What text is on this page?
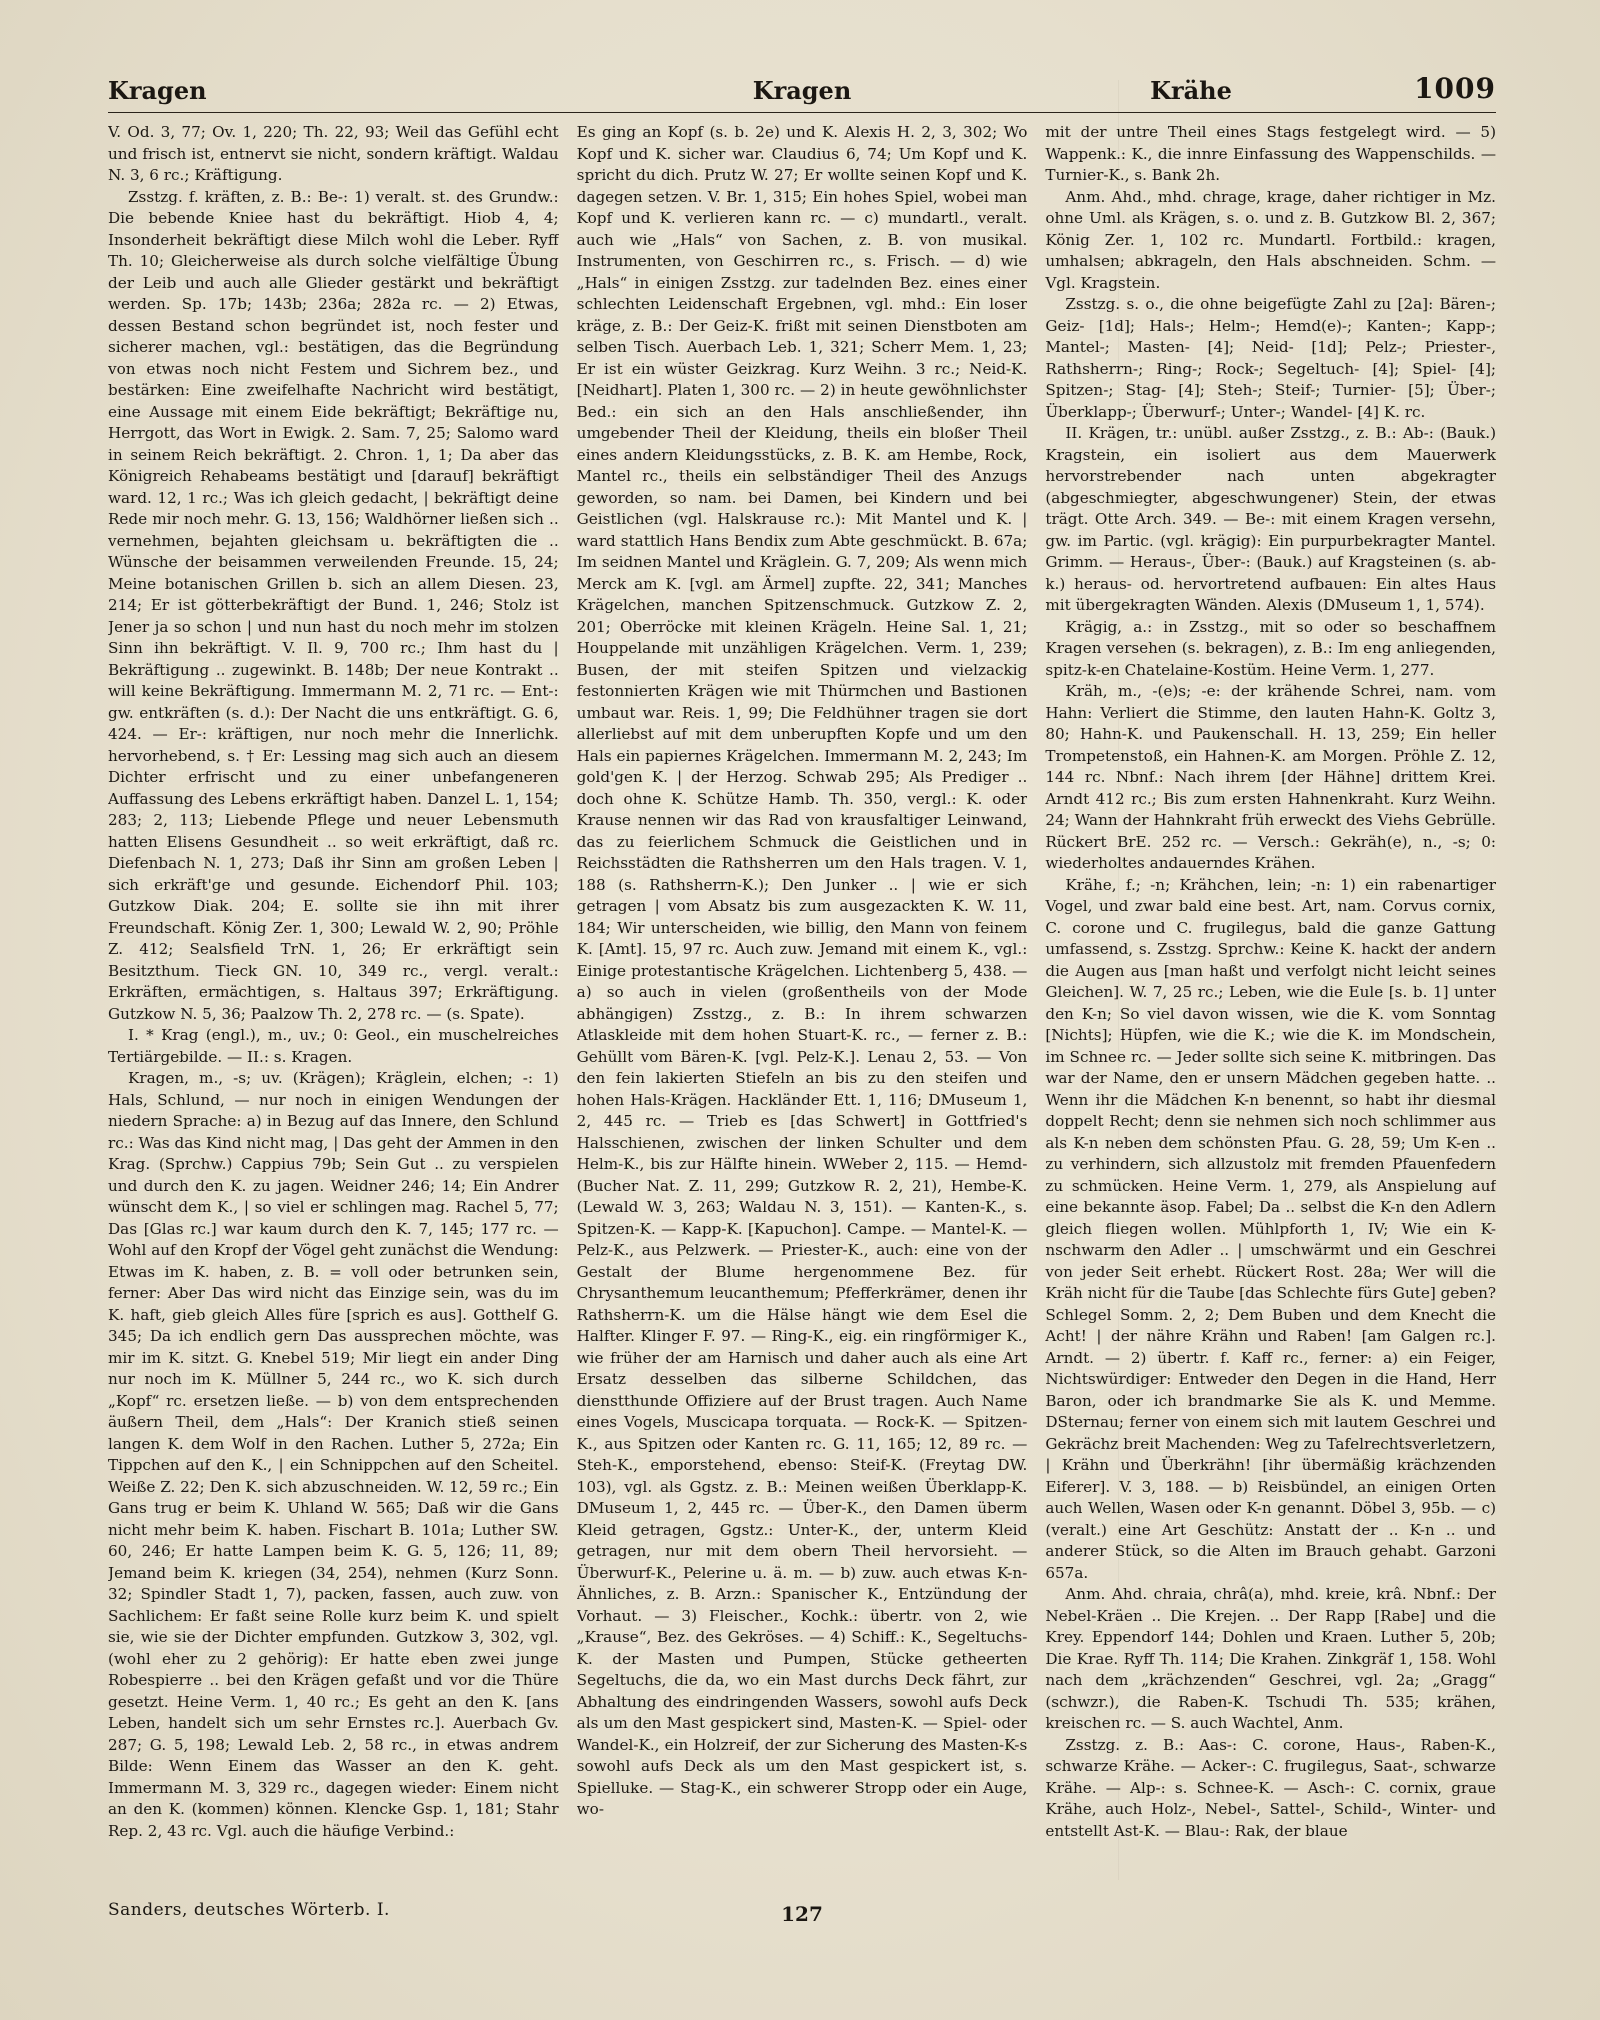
Kragen	Kragen	Krähe	1009

V. Od. 3, 77; Ov. 1, 220; Th. 22, 93; Weil das Gefühl echt und frisch ist, entnervt sie nicht, sondern kräftigt. Waldau N. 3, 6 rc.; Kräftigung.

Zsstzg. f. kräften, z. B.: Be-: 1) veralt. st. des Grundw.: Die bebende Kniee hast du bekräftigt. Hiob 4, 4; Insonderheit bekräftigt diese Milch wohl die Leber. Ryff Th. 10; Gleicherweise als durch solche vielfältige Übung der Leib und auch alle Glieder gestärkt und bekräftigt werden. Sp. 17b; 143b; 236a; 282a rc. — 2) Etwas, dessen Bestand schon begründet ist, noch fester und sicherer machen, vgl.: bestätigen, das die Begründung von etwas noch nicht Festem und Sichrem bez., und bestärken: Eine zweifelhafte Nachricht wird bestätigt, eine Aussage mit einem Eide bekräftigt; Bekräftige nu, Herrgott, das Wort in Ewigk. 2. Sam. 7, 25; Salomo ward in seinem Reich bekräftigt. 2. Chron. 1, 1; Da aber das Königreich Rehabeams bestätigt und [darauf] bekräftigt ward. 12, 1 rc.; Was ich gleich gedacht, | bekräftigt deine Rede mir noch mehr. G. 13, 156; Waldhörner ließen sich .. vernehmen, bejahten gleichsam u. bekräftigten die .. Wünsche der beisammen verweilenden Freunde. 15, 24; Meine botanischen Grillen b. sich an allem Diesen. 23, 214; Er ist götterbekräftigt der Bund. 1, 246; Stolz ist Jener ja so schon | und nun hast du noch mehr im stolzen Sinn ihn bekräftigt. V. Il. 9, 700 rc.; Ihm hast du | Bekräftigung .. zugewinkt. B. 148b; Der neue Kontrakt .. will keine Bekräftigung. Immermann M. 2, 71 rc. — Ent-: gw. entkräften (s. d.): Der Nacht die uns entkräftigt. G. 6, 424. — Er-: kräftigen, nur noch mehr die Innerlichk. hervorhebend, s. † Er: Lessing mag sich auch an diesem Dichter erfrischt und zu einer unbefangeneren Auffassung des Lebens erkräftigt haben. Danzel L. 1, 154; 283; 2, 113; Liebende Pflege und neuer Lebensmuth hatten Elisens Gesundheit .. so weit erkräftigt, daß rc. Diefenbach N. 1, 273; Daß ihr Sinn am großen Leben | sich erkräft'ge und gesunde. Eichendorf Phil. 103; Gutzkow Diak. 204; E. sollte sie ihn mit ihrer Freundschaft. König Zer. 1, 300; Lewald W. 2, 90; Pröhle Z. 412; Sealsfield TrN. 1, 26; Er erkräftigt sein Besitzthum. Tieck GN. 10, 349 rc., vergl. veralt.: Erkräften, ermächtigen, s. Haltaus 397; Erkräftigung. Gutzkow N. 5, 36; Paalzow Th. 2, 278 rc. — (s. Spate).

I. * Krag (engl.), m., uv.; 0: Geol., ein muschelreiches Tertiärgebilde. — II.: s. Kragen.

Kragen, m., -s; uv. (Krägen); Kräglein, elchen; -: 1) Hals, Schlund, — nur noch in einigen Wendungen der niedern Sprache: a) in Bezug auf das Innere, den Schlund rc.: Was das Kind nicht mag, | Das geht der Ammen in den Krag. (Sprchw.) Cappius 79b; Sein Gut .. zu verspielen und durch den K. zu jagen. Weidner 246; 14; Ein Andrer wünscht dem K., | so viel er schlingen mag. Rachel 5, 77; Das [Glas rc.] war kaum durch den K. 7, 145; 177 rc. — Wohl auf den Kropf der Vögel geht zunächst die Wendung: Etwas im K. haben, z. B. = voll oder betrunken sein, ferner: Aber Das wird nicht das Einzige sein, was du im K. haft, gieb gleich Alles füre [sprich es aus]. Gotthelf G. 345; Da ich endlich gern Das aussprechen möchte, was mir im K. sitzt. G. Knebel 519; Mir liegt ein ander Ding nur noch im K. Müllner 5, 244 rc., wo K. sich durch „Kopf“ rc. ersetzen ließe. — b) von dem entsprechenden äußern Theil, dem „Hals“: Der Kranich stieß seinen langen K. dem Wolf in den Rachen. Luther 5, 272a; Ein Tippchen auf den K., | ein Schnippchen auf den Scheitel. Weiße Z. 22; Den K. sich abzuschneiden. W. 12, 59 rc.; Ein Gans trug er beim K. Uhland W. 565; Daß wir die Gans nicht mehr beim K. haben. Fischart B. 101a; Luther SW. 60, 246; Er hatte Lampen beim K. G. 5, 126; 11, 89; Jemand beim K. kriegen (34, 254), nehmen (Kurz Sonn. 32; Spindler Stadt 1, 7), packen, fassen, auch zuw. von Sachlichem: Er faßt seine Rolle kurz beim K. und spielt sie, wie sie der Dichter empfunden. Gutzkow 3, 302, vgl. (wohl eher zu 2 gehörig): Er hatte eben zwei junge Robespierre .. bei den Krägen gefaßt und vor die Thüre gesetzt. Heine Verm. 1, 40 rc.; Es geht an den K. [ans Leben, handelt sich um sehr Ernstes rc.]. Auerbach Gv. 287; G. 5, 198; Lewald Leb. 2, 58 rc., in etwas andrem Bilde: Wenn Einem das Wasser an den K. geht. Immermann M. 3, 329 rc., dagegen wieder: Einem nicht an den K. (kommen) können. Klencke Gsp. 1, 181; Stahr Rep. 2, 43 rc. Vgl. auch die häufige Verbind.:

Es ging an Kopf (s. b. 2e) und K. Alexis H. 2, 3, 302; Wo Kopf und K. sicher war. Claudius 6, 74; Um Kopf und K. spricht du dich. Prutz W. 27; Er wollte seinen Kopf und K. dagegen setzen. V. Br. 1, 315; Ein hohes Spiel, wobei man Kopf und K. verlieren kann rc. — c) mundartl., veralt. auch wie „Hals“ von Sachen, z. B. von musikal. Instrumenten, von Geschirren rc., s. Frisch. — d) wie „Hals“ in einigen Zsstzg. zur tadelnden Bez. eines einer schlechten Leidenschaft Ergebnen, vgl. mhd.: Ein loser kräge, z. B.: Der Geiz-K. frißt mit seinen Dienstboten am selben Tisch. Auerbach Leb. 1, 321; Scherr Mem. 1, 23; Er ist ein wüster Geizkrag. Kurz Weihn. 3 rc.; Neid-K. [Neidhart]. Platen 1, 300 rc. — 2) in heute gewöhnlichster Bed.: ein sich an den Hals anschließender, ihn umgebender Theil der Kleidung, theils ein bloßer Theil eines andern Kleidungsstücks, z. B. K. am Hembe, Rock, Mantel rc., theils ein selbständiger Theil des Anzugs geworden, so nam. bei Damen, bei Kindern und bei Geistlichen (vgl. Halskrause rc.): Mit Mantel und K. | ward stattlich Hans Bendix zum Abte geschmückt. B. 67a; Im seidnen Mantel und Kräglein. G. 7, 209; Als wenn mich Merck am K. [vgl. am Ärmel] zupfte. 22, 341; Manches Krägelchen, manchen Spitzenschmuck. Gutzkow Z. 2, 201; Oberröcke mit kleinen Krägeln. Heine Sal. 1, 21; Houppelande mit unzähligen Krägelchen. Verm. 1, 239; Busen, der mit steifen Spitzen und vielzackig festonnierten Krägen wie mit Thürmchen und Bastionen umbaut war. Reis. 1, 99; Die Feldhühner tragen sie dort allerliebst auf mit dem unberupften Kopfe und um den Hals ein papiernes Krägelchen. Immermann M. 2, 243; Im gold'gen K. | der Herzog. Schwab 295; Als Prediger .. doch ohne K. Schütze Hamb. Th. 350, vergl.: K. oder Krause nennen wir das Rad von krausfaltiger Leinwand, das zu feierlichem Schmuck die Geistlichen und in Reichsstädten die Rathsherren um den Hals tragen. V. 1, 188 (s. Rathsherrn-K.); Den Junker .. | wie er sich getragen | vom Absatz bis zum ausgezackten K. W. 11, 184; Wir unterscheiden, wie billig, den Mann von feinem K. [Amt]. 15, 97 rc. Auch zuw. Jemand mit einem K., vgl.: Einige protestantische Krägelchen. Lichtenberg 5, 438. — a) so auch in vielen (großentheils von der Mode abhängigen) Zsstzg., z. B.: In ihrem schwarzen Atlaskleide mit dem hohen Stuart-K. rc., — ferner z. B.: Gehüllt vom Bären-K. [vgl. Pelz-K.]. Lenau 2, 53. — Von den fein lakierten Stiefeln an bis zu den steifen und hohen Hals-Krägen. Hackländer Ett. 1, 116; DMuseum 1, 2, 445 rc. — Trieb es [das Schwert] in Gottfried's Halsschienen, zwischen der linken Schulter und dem Helm-K., bis zur Hälfte hinein. WWeber 2, 115. — Hemd- (Bucher Nat. Z. 11, 299; Gutzkow R. 2, 21), Hembe-K. (Lewald W. 3, 263; Waldau N. 3, 151). — Kanten-K., s. Spitzen-K. — Kapp-K. [Kapuchon]. Campe. — Mantel-K. — Pelz-K., aus Pelzwerk. — Priester-K., auch: eine von der Gestalt der Blume hergenommene Bez. für Chrysanthemum leucanthemum; Pfefferkrämer, denen ihr Rathsherrn-K. um die Hälse hängt wie dem Esel die Halfter. Klinger F. 97. — Ring-K., eig. ein ringförmiger K., wie früher der am Harnisch und daher auch als eine Art Ersatz desselben das silberne Schildchen, das dienstthunde Offiziere auf der Brust tragen. Auch Name eines Vogels, Muscicapa torquata. — Rock-K. — Spitzen-K., aus Spitzen oder Kanten rc. G. 11, 165; 12, 89 rc. — Steh-K., emporstehend, ebenso: Steif-K. (Freytag DW. 103), vgl. als Ggstz. z. B.: Meinen weißen Überklapp-K. DMuseum 1, 2, 445 rc. — Über-K., den Damen überm Kleid getragen, Ggstz.: Unter-K., der, unterm Kleid getragen, nur mit dem obern Theil hervorsieht. — Überwurf-K., Pelerine u. ä. m. — b) zuw. auch etwas K-n-Ähnliches, z. B. Arzn.: Spanischer K., Entzündung der Vorhaut. — 3) Fleischer., Kochk.: übertr. von 2, wie „Krause“, Bez. des Gekröses. — 4) Schiff.: K., Segeltuchs-K. der Masten und Pumpen, Stücke getheerten Segeltuchs, die da, wo ein Mast durchs Deck fährt, zur Abhaltung des eindringenden Wassers, sowohl aufs Deck als um den Mast gespickert sind, Masten-K. — Spiel- oder Wandel-K., ein Holzreif, der zur Sicherung des Masten-K-s sowohl aufs Deck als um den Mast gespickert ist, s. Spielluke. — Stag-K., ein schwerer Stropp oder ein Auge, wo-

mit der untre Theil eines Stags festgelegt wird. — 5) Wappenk.: K., die innre Einfassung des Wappenschilds. — Turnier-K., s. Bank 2h.

Anm. Ahd., mhd. chrage, krage, daher richtiger in Mz. ohne Uml. als Krägen, s. o. und z. B. Gutzkow Bl. 2, 367; König Zer. 1, 102 rc. Mundartl. Fortbild.: kragen, umhalsen; abkrageln, den Hals abschneiden. Schm. — Vgl. Kragstein.

Zsstzg. s. o., die ohne beigefügte Zahl zu [2a]: Bären-; Geiz- [1d]; Hals-; Helm-; Hemd(e)-; Kanten-; Kapp-; Mantel-; Masten- [4]; Neid- [1d]; Pelz-; Priester-, Rathsherrn-; Ring-; Rock-; Segeltuch- [4]; Spiel- [4]; Spitzen-; Stag- [4]; Steh-; Steif-; Turnier- [5]; Über-; Überklapp-; Überwurf-; Unter-; Wandel- [4] K. rc.

II. Krägen, tr.: unübl. außer Zsstzg., z. B.: Ab-: (Bauk.) Kragstein, ein isoliert aus dem Mauerwerk hervorstrebender nach unten abgekragter (abgeschmiegter, abgeschwungener) Stein, der etwas trägt. Otte Arch. 349. — Be-: mit einem Kragen versehn, gw. im Partic. (vgl. krägig): Ein purpurbekragter Mantel. Grimm. — Heraus-, Über-: (Bauk.) auf Kragsteinen (s. ab-k.) heraus- od. hervortretend aufbauen: Ein altes Haus mit übergekragten Wänden. Alexis (DMuseum 1, 1, 574).

Krägig, a.: in Zsstzg., mit so oder so beschaffnem Kragen versehen (s. bekragen), z. B.: Im eng anliegenden, spitz-k-en Chatelaine-Kostüm. Heine Verm. 1, 277.

Kräh, m., -(e)s; -e: der krähende Schrei, nam. vom Hahn: Verliert die Stimme, den lauten Hahn-K. Goltz 3, 80; Hahn-K. und Paukenschall. H. 13, 259; Ein heller Trompetenstoß, ein Hahnen-K. am Morgen. Pröhle Z. 12, 144 rc. Nbnf.: Nach ihrem [der Hähne] drittem Krei. Arndt 412 rc.; Bis zum ersten Hahnenkraht. Kurz Weihn. 24; Wann der Hahnkraht früh erweckt des Viehs Gebrülle. Rückert BrE. 252 rc. — Versch.: Gekräh(e), n., -s; 0: wiederholtes andauerndes Krähen.

Krähe, f.; -n; Krähchen, lein; -n: 1) ein rabenartiger Vogel, und zwar bald eine best. Art, nam. Corvus cornix, C. corone und C. frugilegus, bald die ganze Gattung umfassend, s. Zsstzg. Sprchw.: Keine K. hackt der andern die Augen aus [man haßt und verfolgt nicht leicht seines Gleichen]. W. 7, 25 rc.; Leben, wie die Eule [s. b. 1] unter den K-n; So viel davon wissen, wie die K. vom Sonntag [Nichts]; Hüpfen, wie die K.; wie die K. im Mondschein, im Schnee rc. — Jeder sollte sich seine K. mitbringen. Das war der Name, den er unsern Mädchen gegeben hatte. .. Wenn ihr die Mädchen K-n benennt, so habt ihr diesmal doppelt Recht; denn sie nehmen sich noch schlimmer aus als K-n neben dem schönsten Pfau. G. 28, 59; Um K-en .. zu verhindern, sich allzustolz mit fremden Pfauenfedern zu schmücken. Heine Verm. 1, 279, als Anspielung auf eine bekannte äsop. Fabel; Da .. selbst die K-n den Adlern gleich fliegen wollen. Mühlpforth 1, IV; Wie ein K-nschwarm den Adler .. | umschwärmt und ein Geschrei von jeder Seit erhebt. Rückert Rost. 28a; Wer will die Kräh nicht für die Taube [das Schlechte fürs Gute] geben? Schlegel Somm. 2, 2; Dem Buben und dem Knecht die Acht! | der nähre Krähn und Raben! [am Galgen rc.]. Arndt. — 2) übertr. f. Kaff rc., ferner: a) ein Feiger, Nichtswürdiger: Entweder den Degen in die Hand, Herr Baron, oder ich brandmarke Sie als K. und Memme. DSternau; ferner von einem sich mit lautem Geschrei und Gekrächz breit Machenden: Weg zu Tafelrechtsverletzern, | Krähn und Überkrähn! [ihr übermäßig krächzenden Eiferer]. V. 3, 188. — b) Reisbündel, an einigen Orten auch Wellen, Wasen oder K-n genannt. Döbel 3, 95b. — c) (veralt.) eine Art Geschütz: Anstatt der .. K-n .. und anderer Stück, so die Alten im Brauch gehabt. Garzoni 657a.

Anm. Ahd. chraia, chrâ(a), mhd. kreie, krâ. Nbnf.: Der Nebel-Kräen .. Die Krejen. .. Der Rapp [Rabe] und die Krey. Eppendorf 144; Dohlen und Kraen. Luther 5, 20b; Die Krae. Ryff Th. 114; Die Krahen. Zinkgräf 1, 158. Wohl nach dem „krächzenden“ Geschrei, vgl. 2a; „Gragg“ (schwzr.), die Raben-K. Tschudi Th. 535; krähen, kreischen rc. — S. auch Wachtel, Anm.

Zsstzg. z. B.: Aas-: C. corone, Haus-, Raben-K., schwarze Krähe. — Acker-: C. frugilegus, Saat-, schwarze Krähe. — Alp-: s. Schnee-K. — Asch-: C. cornix, graue Krähe, auch Holz-, Nebel-, Sattel-, Schild-, Winter- und entstellt Ast-K. — Blau-: Rak, der blaue

Sanders, deutsches Wörterb. I.	127
